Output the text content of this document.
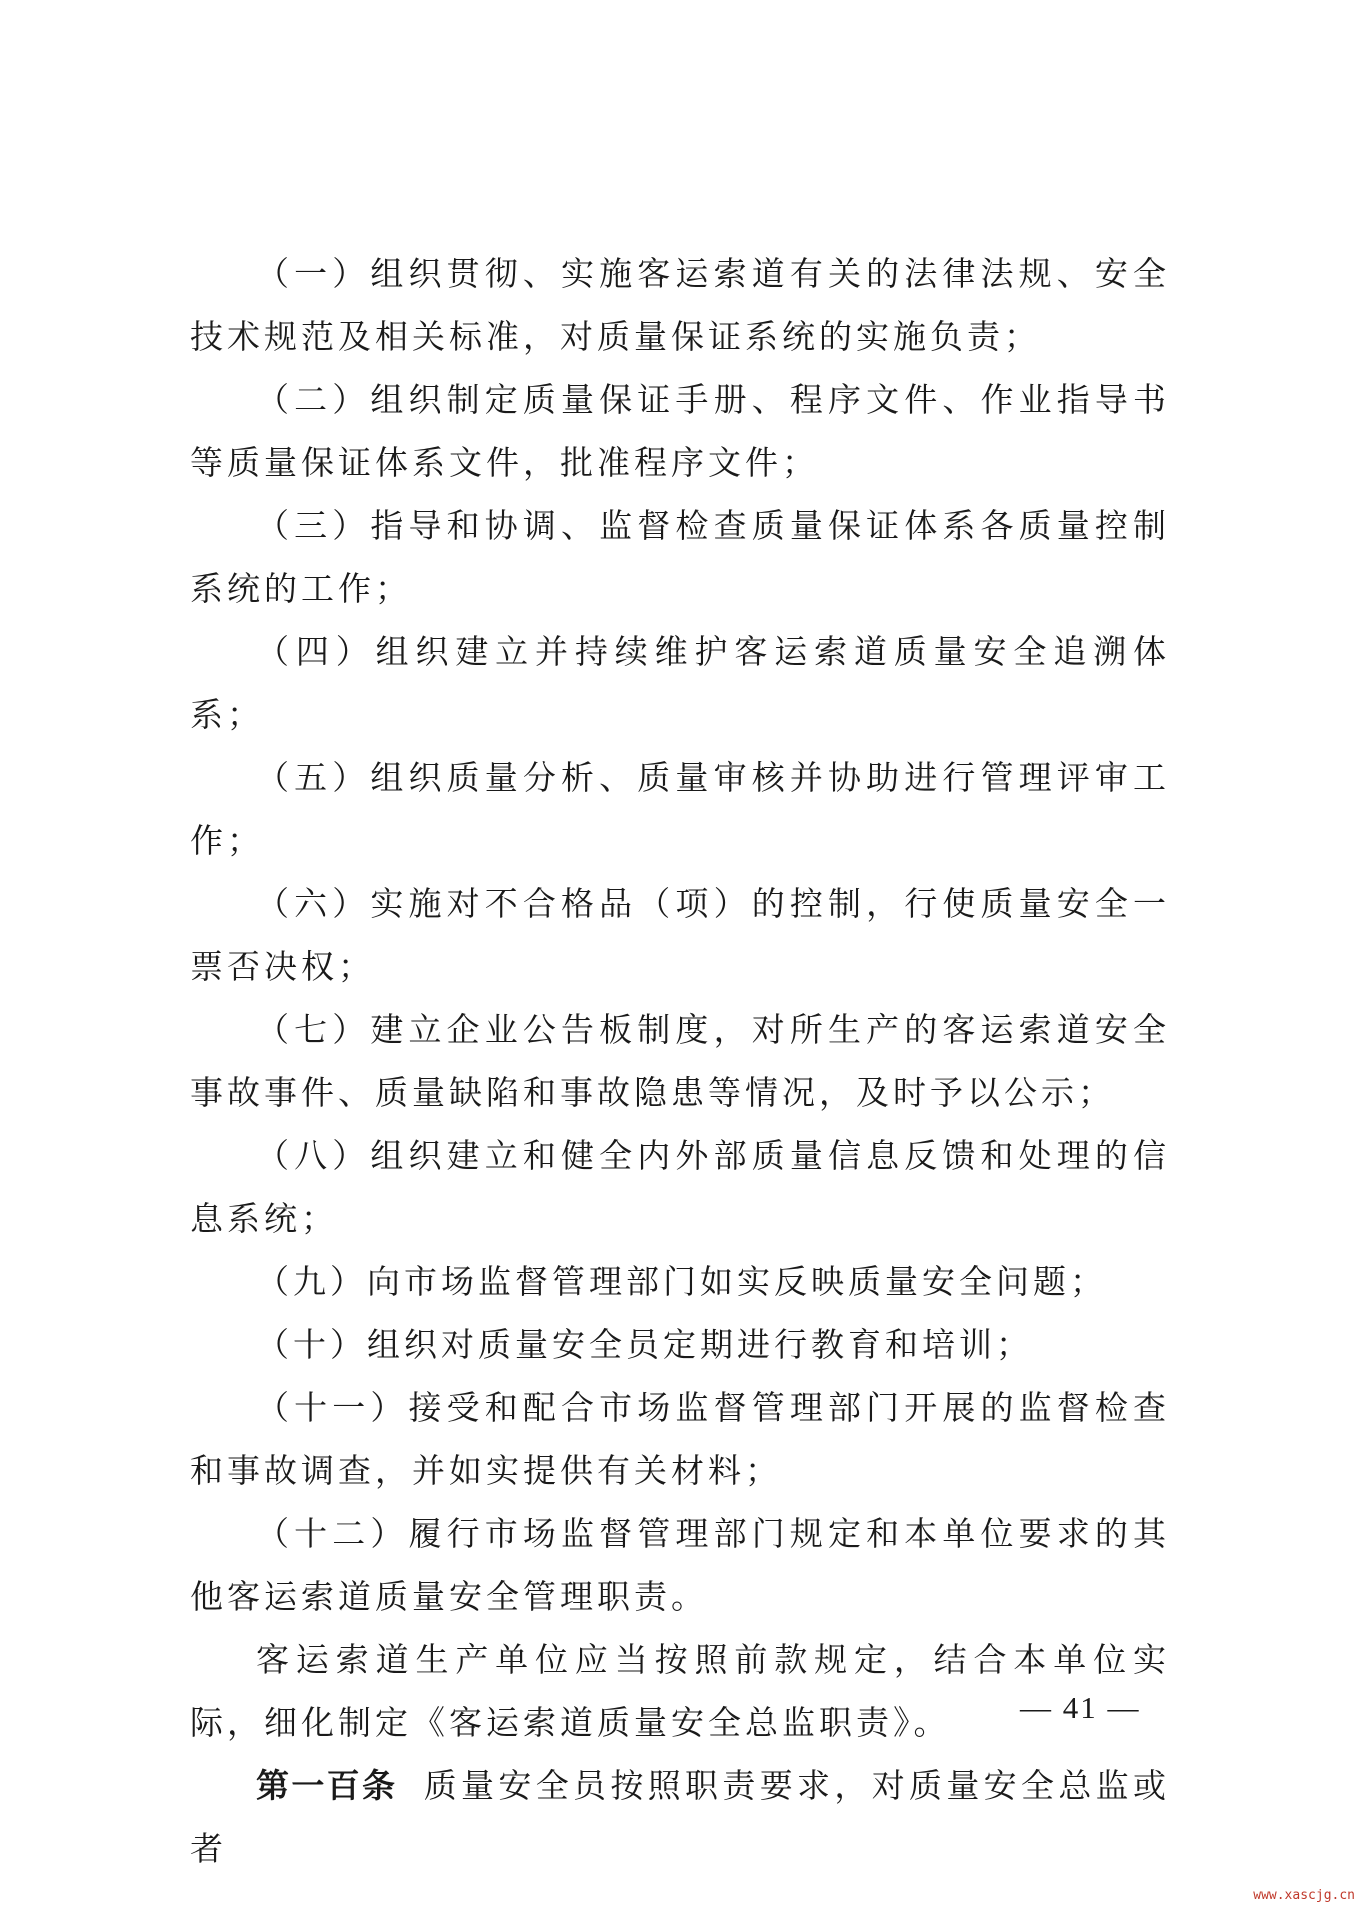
（一）组织贯彻、实施客运索道有关的法律法规、安全技术规范及相关标准，对质量保证系统的实施负责；

（二）组织制定质量保证手册、程序文件、作业指导书等质量保证体系文件，批准程序文件；

（三）指导和协调、监督检查质量保证体系各质量控制系统的工作；

（四）组织建立并持续维护客运索道质量安全追溯体系；

（五）组织质量分析、质量审核并协助进行管理评审工作；

（六）实施对不合格品（项）的控制，行使质量安全一票否决权；

（七）建立企业公告板制度，对所生产的客运索道安全事故事件、质量缺陷和事故隐患等情况，及时予以公示；

（八）组织建立和健全内外部质量信息反馈和处理的信息系统；

（九）向市场监督管理部门如实反映质量安全问题；

（十）组织对质量安全员定期进行教育和培训；

（十一）接受和配合市场监督管理部门开展的监督检查和事故调查，并如实提供有关材料；

（十二）履行市场监督管理部门规定和本单位要求的其他客运索道质量安全管理职责。

客运索道生产单位应当按照前款规定，结合本单位实际，细化制定《客运索道质量安全总监职责》。

第一百条 质量安全员按照职责要求，对质量安全总监或者

— 41 —
www.xascjg.cn
